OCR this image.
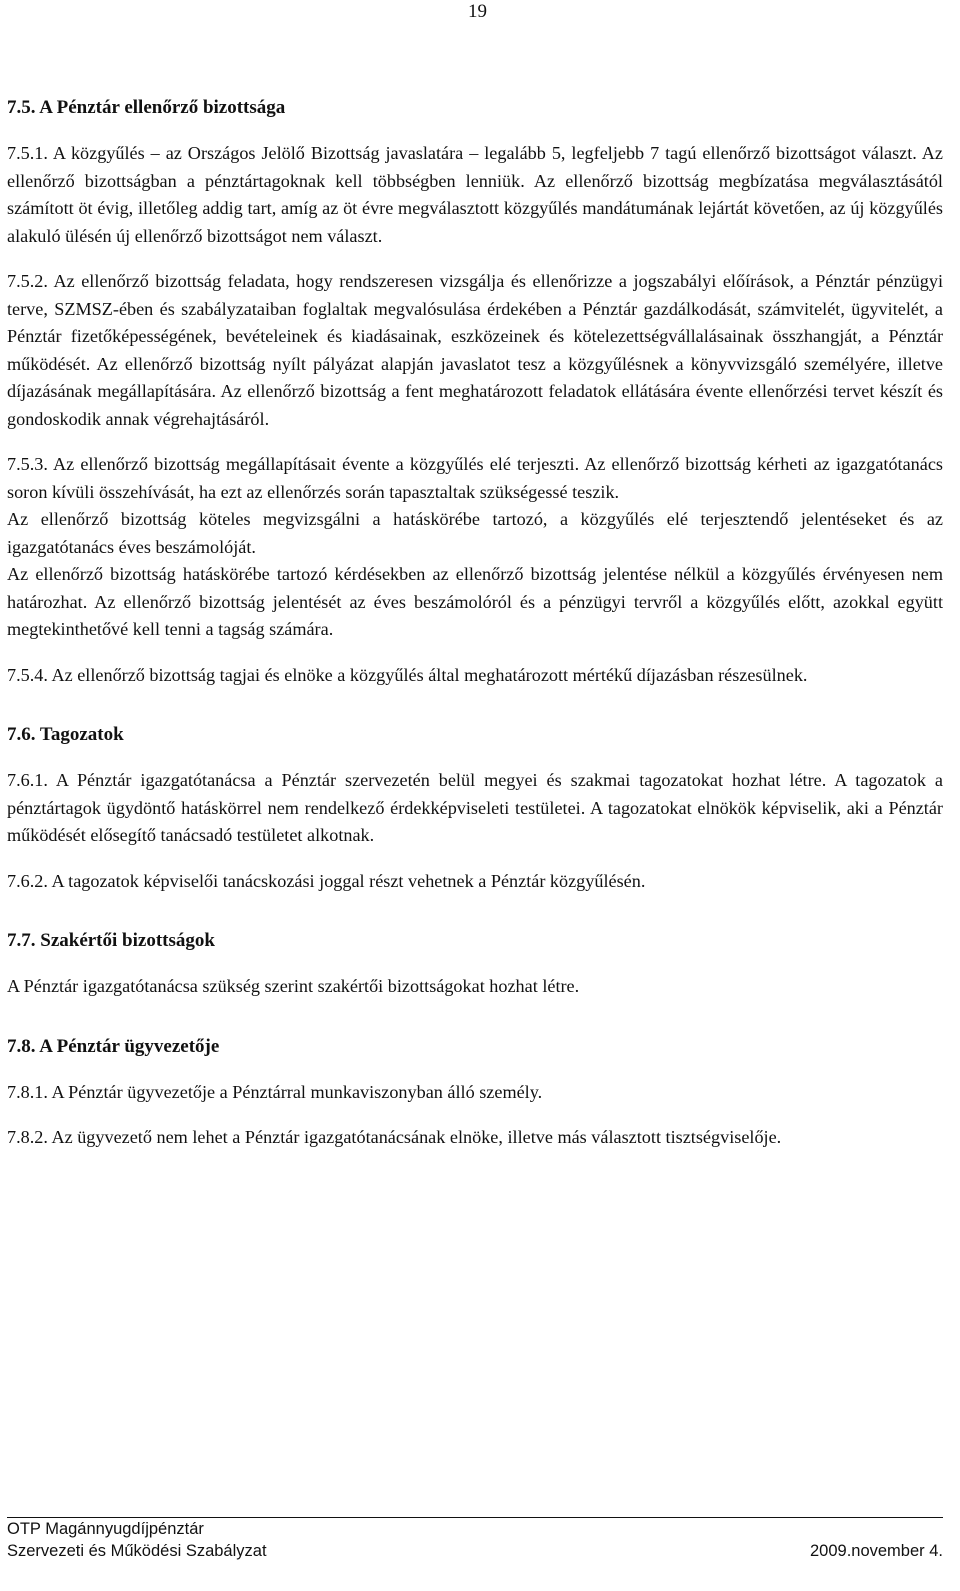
19
7.5. A Pénztár ellenőrző bizottsága

7.5.1. A közgyűlés – az Országos Jelölő Bizottság javaslatára – legalább 5, legfeljebb 7 tagú ellenőrző bizottságot választ. Az ellenőrző bizottságban a pénztártagoknak kell többségben lenniük. Az ellenőrző bizottság megbízatása megválasztásától számított öt évig, illetőleg addig tart, amíg az öt évre megválasztott közgyűlés mandátumának lejártát követően, az új közgyűlés alakuló ülésén új ellenőrző bizottságot nem választ.

7.5.2. Az ellenőrző bizottság feladata, hogy rendszeresen vizsgálja és ellenőrizze a jogszabályi előírások, a Pénztár pénzügyi terve, SZMSZ-ében és szabályzataiban foglaltak megvalósulása érdekében a Pénztár gazdálkodását, számvitelét, ügyvitelét, a Pénztár fizetőképességének, bevételeinek és kiadásainak, eszközeinek és kötelezettségvállalásainak összhangját, a Pénztár működését. Az ellenőrző bizottság nyílt pályázat alapján javaslatot tesz a közgyűlésnek a könyvvizsgáló személyére, illetve díjazásának megállapítására. Az ellenőrző bizottság a fent meghatározott feladatok ellátására évente ellenőrzési tervet készít és gondoskodik annak végrehajtásáról.

7.5.3. Az ellenőrző bizottság megállapításait évente a közgyűlés elé terjeszti. Az ellenőrző bizottság kérheti az igazgatótanács soron kívüli összehívását, ha ezt az ellenőrzés során tapasztaltak szükségessé teszik.

Az ellenőrző bizottság köteles megvizsgálni a hatáskörébe tartozó, a közgyűlés elé terjesztendő jelentéseket és az igazgatótanács éves beszámolóját.

Az ellenőrző bizottság hatáskörébe tartozó kérdésekben az ellenőrző bizottság jelentése nélkül a közgyűlés érvényesen nem határozhat. Az ellenőrző bizottság jelentését az éves beszámolóról és a pénzügyi tervről a közgyűlés előtt, azokkal együtt megtekinthetővé kell tenni a tagság számára.

7.5.4. Az ellenőrző bizottság tagjai és elnöke a közgyűlés által meghatározott mértékű díjazásban részesülnek.

7.6. Tagozatok

7.6.1. A Pénztár igazgatótanácsa a Pénztár szervezetén belül megyei és szakmai tagozatokat hozhat létre. A tagozatok a pénztártagok ügydöntő hatáskörrel nem rendelkező érdekképviseleti testületei. A tagozatokat elnökök képviselik, aki a Pénztár működését elősegítő tanácsadó testületet alkotnak.

7.6.2. A tagozatok képviselői tanácskozási joggal részt vehetnek a Pénztár közgyűlésén.

7.7. Szakértői bizottságok

A Pénztár igazgatótanácsa szükség szerint szakértői bizottságokat hozhat létre.

7.8. A Pénztár ügyvezetője

7.8.1. A Pénztár ügyvezetője a Pénztárral munkaviszonyban álló személy.

7.8.2. Az ügyvezető nem lehet a Pénztár igazgatótanácsának elnöke, illetve más választott tisztségviselője.

OTP Magánnyugdíjpénztár
Szervezeti és Működési Szabályzat	2009.november 4.
